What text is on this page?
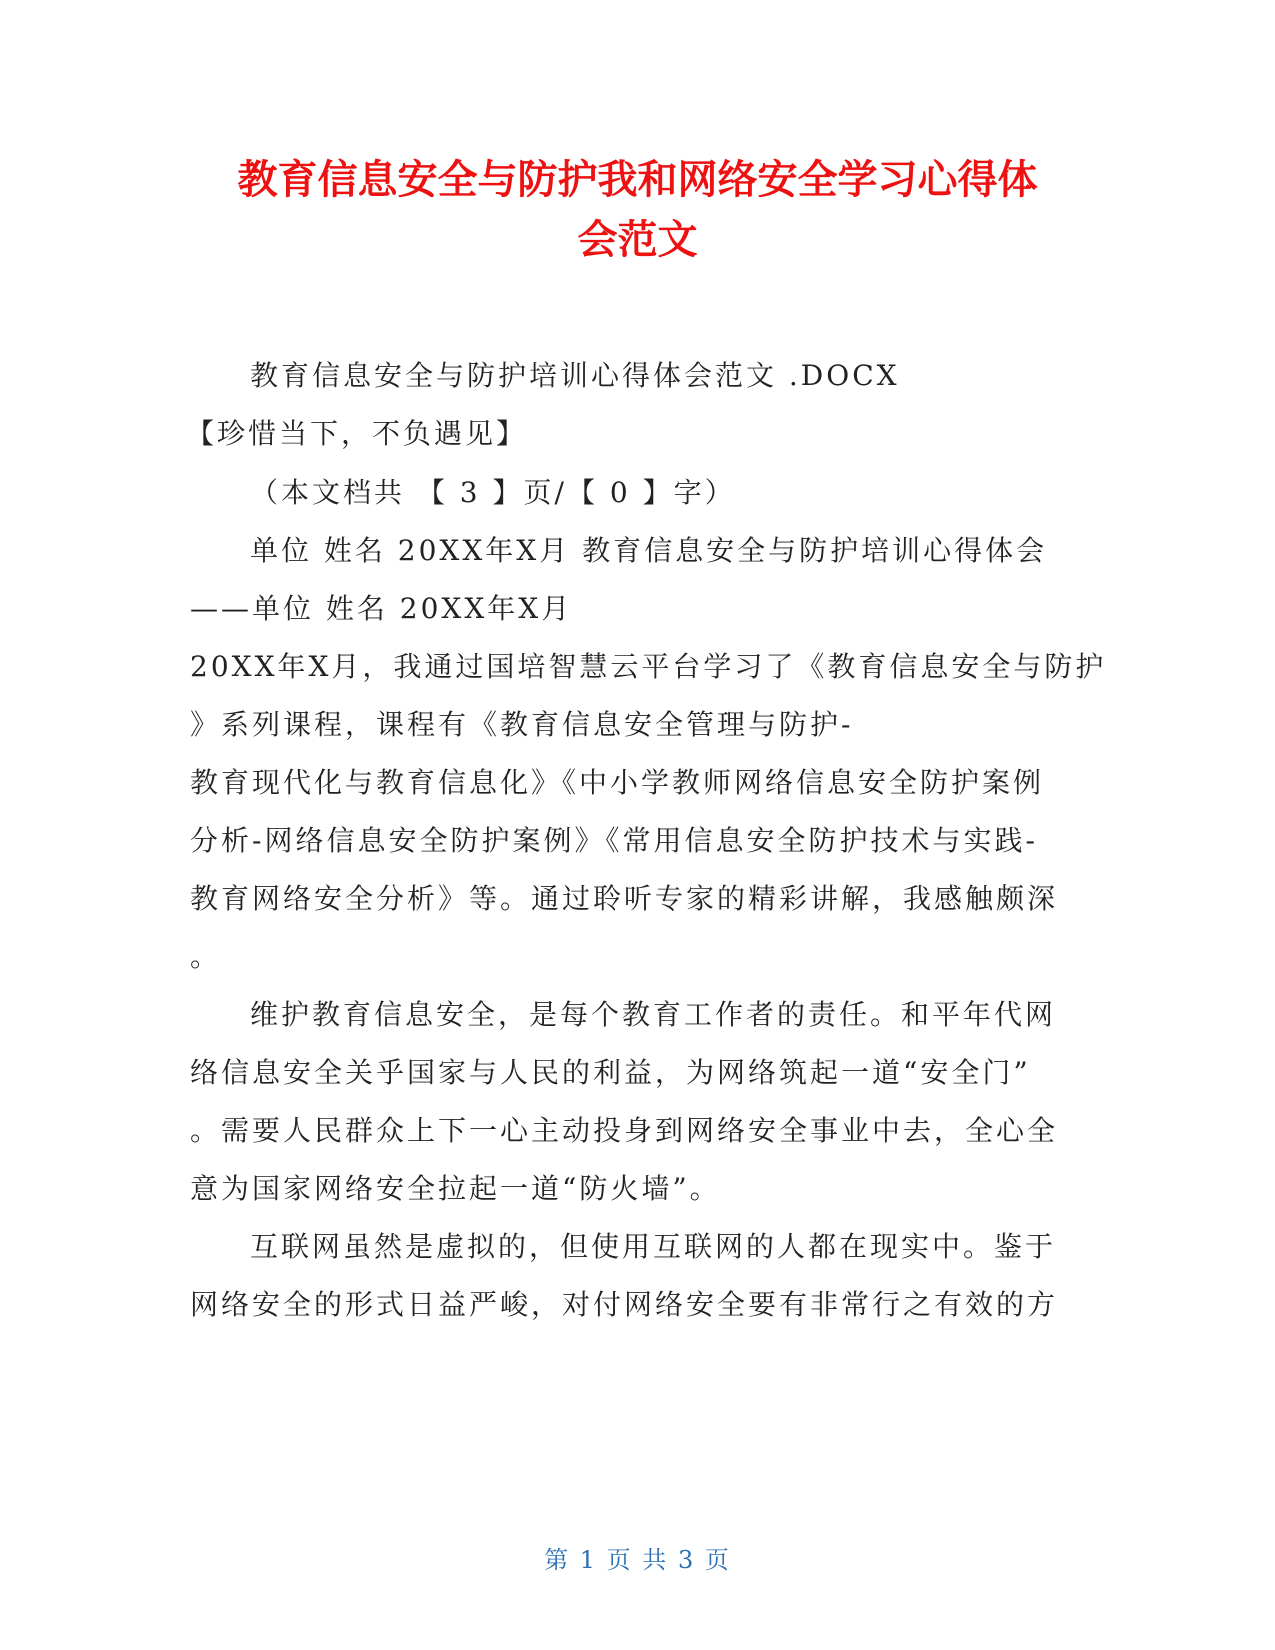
教育信息安全与防护我和网络安全学习心得体
会范文
教育信息安全与防护培训心得体会范文 .DOCX
【珍惜当下，不负遇见】
（本文档共 【 3 】页/【 0 】字）
单位 姓名 20XX年X月 教育信息安全与防护培训心得体会
——单位 姓名 20XX年X月
20XX年X月，我通过国培智慧云平台学习了《教育信息安全与防护
》系列课程，课程有《教育信息安全管理与防护-
教育现代化与教育信息化》《中小学教师网络信息安全防护案例
分析-网络信息安全防护案例》《常用信息安全防护技术与实践-
教育网络安全分析》等。通过聆听专家的精彩讲解，我感触颇深
。
维护教育信息安全，是每个教育工作者的责任。和平年代网
络信息安全关乎国家与人民的利益，为网络筑起一道“安全门”
。需要人民群众上下一心主动投身到网络安全事业中去，全心全
意为国家网络安全拉起一道“防火墙”。
互联网虽然是虚拟的，但使用互联网的人都在现实中。鉴于
网络安全的形式日益严峻，对付网络安全要有非常行之有效的方
第 1 页 共 3 页
